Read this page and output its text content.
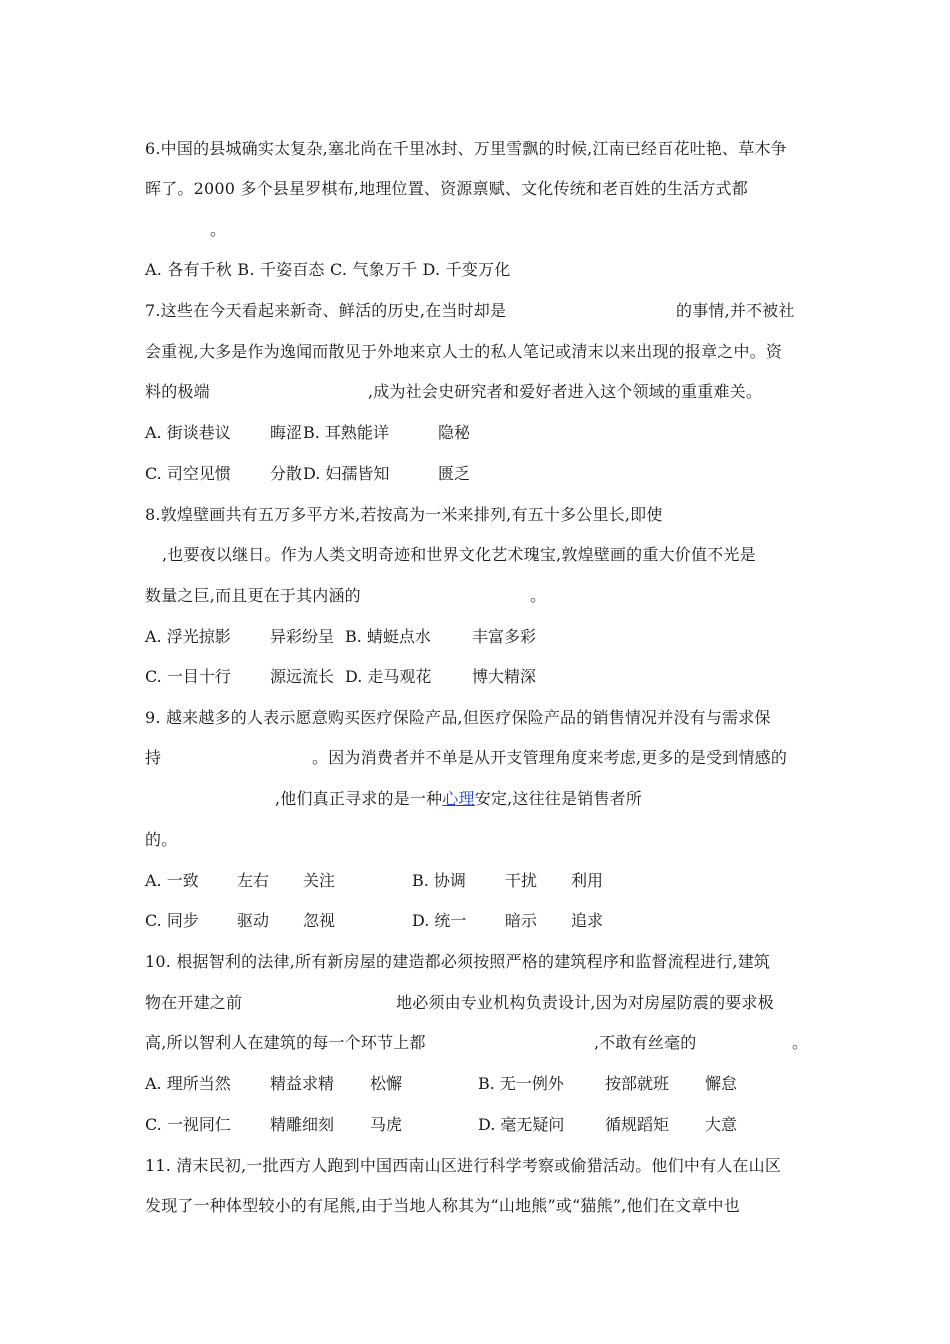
6.中国的县城确实太复杂,塞北尚在千里冰封、万里雪飘的时候,江南已经百花吐艳、草木争
晖了。2000 多个县星罗棋布,地理位置、资源禀赋、文化传统和老百姓的生活方式都
。
A. 各有千秋 B. 千姿百态 C. 气象万千 D. 千变万化
7.这些在今天看起来新奇、鲜活的历史,在当时却是	的事情,并不被社
会重视,大多是作为逸闻而散见于外地来京人士的私人笔记或清末以来出现的报章之中。资
料的极端	,成为社会史研究者和爱好者进入这个领域的重重难关。
A. 街谈巷议 晦涩 B. 耳熟能详	隐秘
C. 司空见惯 分散 D. 妇孺皆知	匮乏
8.敦煌壁画共有五万多平方米,若按高为一米来排列,有五十多公里长,即使
,也要夜以继日。作为人类文明奇迹和世界文化艺术瑰宝,敦煌壁画的重大价值不光是
数量之巨,而且更在于其内涵的	。
A. 浮光掠影 异彩纷呈 B. 蜻蜓点水	丰富多彩
C. 一目十行 源远流长 D. 走马观花	博大精深
9. 越来越多的人表示愿意购买医疗保险产品,但医疗保险产品的销售情况并没有与需求保
持	。因为消费者并不单是从开支管理角度来考虑,更多的是受到情感的
,他们真正寻求的是一种心理安定,这往往是销售者所
的。
A. 一致 左右 关注	B. 协调 干扰 利用
C. 同步 驱动 忽视	D. 统一 暗示 追求
10. 根据智利的法律,所有新房屋的建造都必须按照严格的建筑程序和监督流程进行,建筑
物在开建之前	地必须由专业机构负责设计,因为对房屋防震的要求极
高,所以智利人在建筑的每一个环节上都	,不敢有丝毫的	。
A. 理所当然 精益求精 松懈	B. 无一例外	按部就班 懈怠
C. 一视同仁 精雕细刻 马虎	D. 毫无疑问	循规蹈矩 大意
11. 清末民初,一批西方人跑到中国西南山区进行科学考察或偷猎活动。他们中有人在山区
发现了一种体型较小的有尾熊,由于当地人称其为“山地熊”或“猫熊”,他们在文章中也
